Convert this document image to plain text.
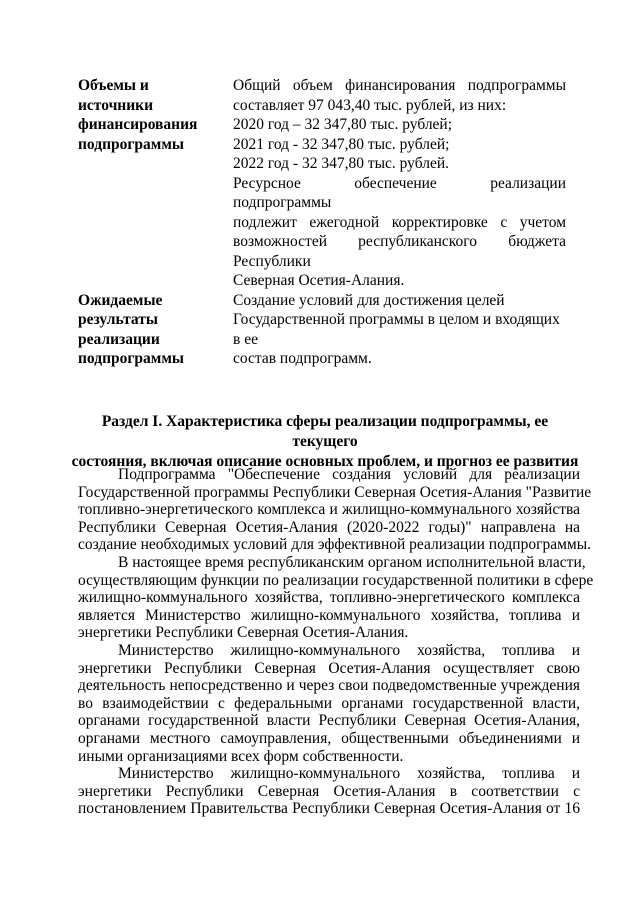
Объемы и
источники
финансирования
подпрограммы
Общий объем финансирования подпрограммы
составляет 97 043,40 тыс. рублей, из них:
2020 год – 32 347,80 тыс. рублей;
2021 год - 32 347,80 тыс. рублей;
2022 год - 32 347,80 тыс. рублей.
Ресурсное обеспечение реализации подпрограммы
подлежит ежегодной корректировке с учетом
возможностей республиканского бюджета Республики
Северная Осетия-Алания.
Ожидаемые
результаты
реализации
подпрограммы
Создание условий для достижения целей
Государственной программы в целом и входящих в ее
состав подпрограмм.
Раздел I. Характеристика сферы реализации подпрограммы, ее текущего
состояния, включая описание основных проблем, и прогноз ее развития
Подпрограмма "Обеспечение создания условий для реализации
Государственной программы Республики Северная Осетия-Алания "Развитие
топливно-энергетического комплекса и жилищно-коммунального хозяйства
Республики Северная Осетия-Алания (2020-2022 годы)" направлена на
создание необходимых условий для эффективной реализации подпрограммы.
В настоящее время республиканским органом исполнительной власти,
осуществляющим функции по реализации государственной политики в сфере
жилищно-коммунального хозяйства, топливно-энергетического комплекса
является Министерство жилищно-коммунального хозяйства, топлива и
энергетики Республики Северная Осетия-Алания.
Министерство жилищно-коммунального хозяйства, топлива и
энергетики Республики Северная Осетия-Алания осуществляет свою
деятельность непосредственно и через свои подведомственные учреждения
во взаимодействии с федеральными органами государственной власти,
органами государственной власти Республики Северная Осетия-Алания,
органами местного самоуправления, общественными объединениями и
иными организациями всех форм собственности.
Министерство жилищно-коммунального хозяйства, топлива и
энергетики Республики Северная Осетия-Алания в соответствии с
постановлением Правительства Республики Северная Осетия-Алания от 16
